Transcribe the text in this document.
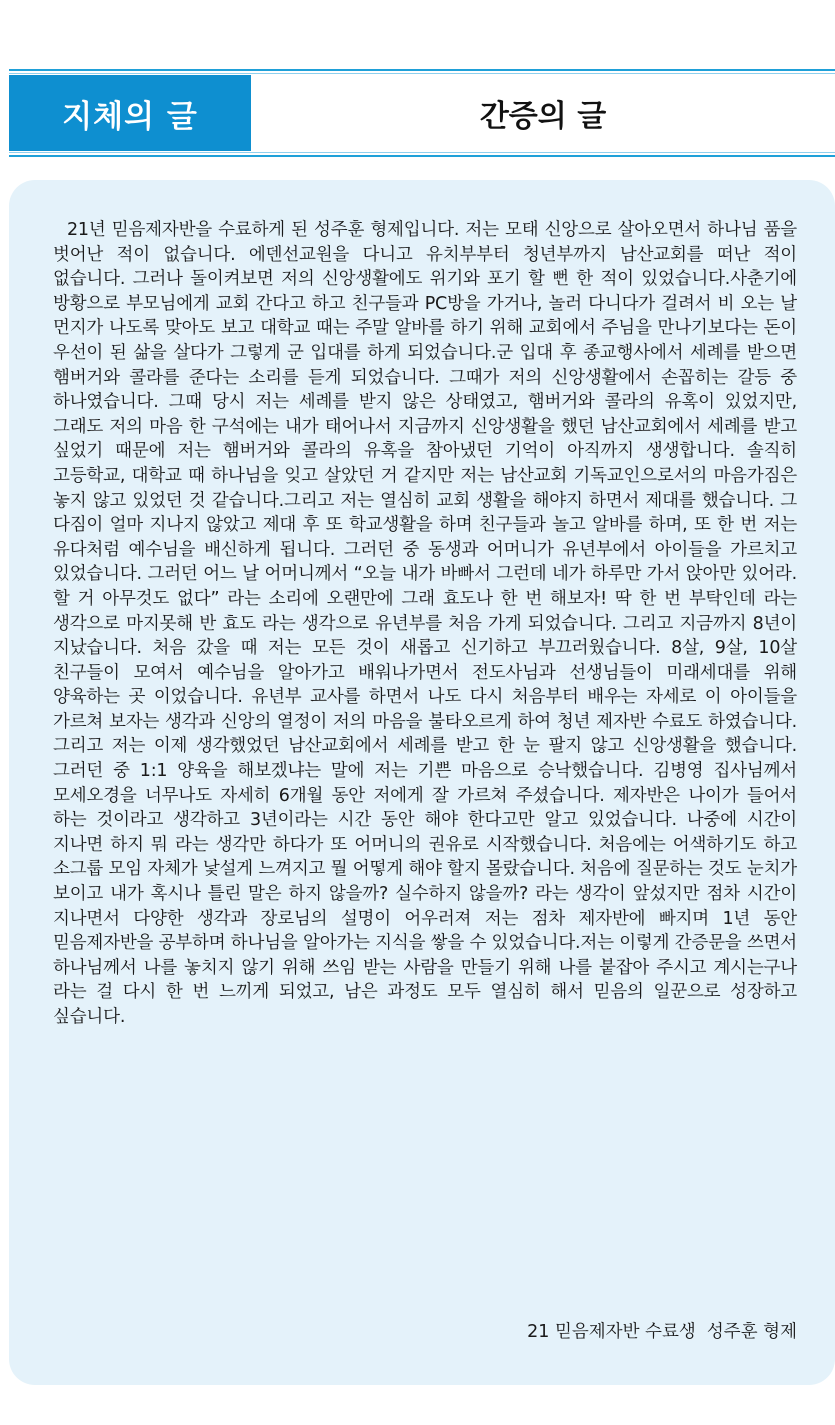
지체의 글	간증의 글

21년 믿음제자반을 수료하게 된 성주훈 형제입니다. 저는 모태 신앙으로 살아오면서 하나님 품을 벗어난 적이 없습니다. 에덴선교원을 다니고 유치부부터 청년부까지 남산교회를 떠난 적이 없습니다. 그러나 돌이켜보면 저의 신앙생활에도 위기와 포기 할 뻔 한 적이 있었습니다.사춘기에 방황으로 부모님에게 교회 간다고 하고 친구들과 PC방을 가거나, 놀러 다니다가 걸려서 비 오는 날 먼지가 나도록 맞아도 보고 대학교 때는 주말 알바를 하기 위해 교회에서 주님을 만나기보다는 돈이 우선이 된 삶을 살다가 그렇게 군 입대를 하게 되었습니다.군 입대 후 종교행사에서 세례를 받으면 햄버거와 콜라를 준다는 소리를 듣게 되었습니다. 그때가 저의 신앙생활에서 손꼽히는 갈등 중 하나였습니다. 그때 당시 저는 세례를 받지 않은 상태였고, 햄버거와 콜라의 유혹이 있었지만, 그래도 저의 마음 한 구석에는 내가 태어나서 지금까지 신앙생활을 했던 남산교회에서 세례를 받고 싶었기 때문에 저는 햄버거와 콜라의 유혹을 참아냈던 기억이 아직까지 생생합니다. 솔직히 고등학교, 대학교 때 하나님을 잊고 살았던 거 같지만 저는 남산교회 기독교인으로서의 마음가짐은 놓지 않고 있었던 것 같습니다.그리고 저는 열심히 교회 생활을 해야지 하면서 제대를 했습니다. 그 다짐이 얼마 지나지 않았고 제대 후 또 학교생활을 하며 친구들과 놀고 알바를 하며, 또 한 번 저는 유다처럼 예수님을 배신하게 됩니다. 그러던 중 동생과 어머니가 유년부에서 아이들을 가르치고 있었습니다. 그러던 어느 날 어머니께서 “오늘 내가 바빠서 그런데 네가 하루만 가서 앉아만 있어라. 할 거 아무것도 없다” 라는 소리에 오랜만에 그래 효도나 한 번 해보자! 딱 한 번 부탁인데 라는 생각으로 마지못해 반 효도 라는 생각으로 유년부를 처음 가게 되었습니다. 그리고 지금까지 8년이 지났습니다. 처음 갔을 때 저는 모든 것이 새롭고 신기하고 부끄러웠습니다. 8살, 9살, 10살 친구들이 모여서 예수님을 알아가고 배워나가면서 전도사님과 선생님들이 미래세대를 위해 양육하는 곳 이었습니다. 유년부 교사를 하면서 나도 다시 처음부터 배우는 자세로 이 아이들을 가르쳐 보자는 생각과 신앙의 열정이 저의 마음을 불타오르게 하여 청년 제자반 수료도 하였습니다. 그리고 저는 이제 생각했었던 남산교회에서 세례를 받고 한 눈 팔지 않고 신앙생활을 했습니다. 그러던 중 1:1 양육을 해보겠냐는 말에 저는 기쁜 마음으로 승낙했습니다. 김병영 집사님께서 모세오경을 너무나도 자세히 6개월 동안 저에게 잘 가르쳐 주셨습니다. 제자반은 나이가 들어서 하는 것이라고 생각하고 3년이라는 시간 동안 해야 한다고만 알고 있었습니다. 나중에 시간이 지나면 하지 뭐 라는 생각만 하다가 또 어머니의 권유로 시작했습니다. 처음에는 어색하기도 하고 소그룹 모임 자체가 낯설게 느껴지고 뭘 어떻게 해야 할지 몰랐습니다. 처음에 질문하는 것도 눈치가 보이고 내가 혹시나 틀린 말은 하지 않을까? 실수하지 않을까? 라는 생각이 앞섰지만 점차 시간이 지나면서 다양한 생각과 장로님의 설명이 어우러져 저는 점차 제자반에 빠지며 1년 동안 믿음제자반을 공부하며 하나님을 알아가는 지식을 쌓을 수 있었습니다.저는 이렇게 간증문을 쓰면서 하나님께서 나를 놓치지 않기 위해 쓰임 받는 사람을 만들기 위해 나를 붙잡아 주시고 계시는구나 라는 걸 다시 한 번 느끼게 되었고, 남은 과정도 모두 열심히 해서 믿음의 일꾼으로 성장하고 싶습니다.

21 믿음제자반 수료생  성주훈 형제
